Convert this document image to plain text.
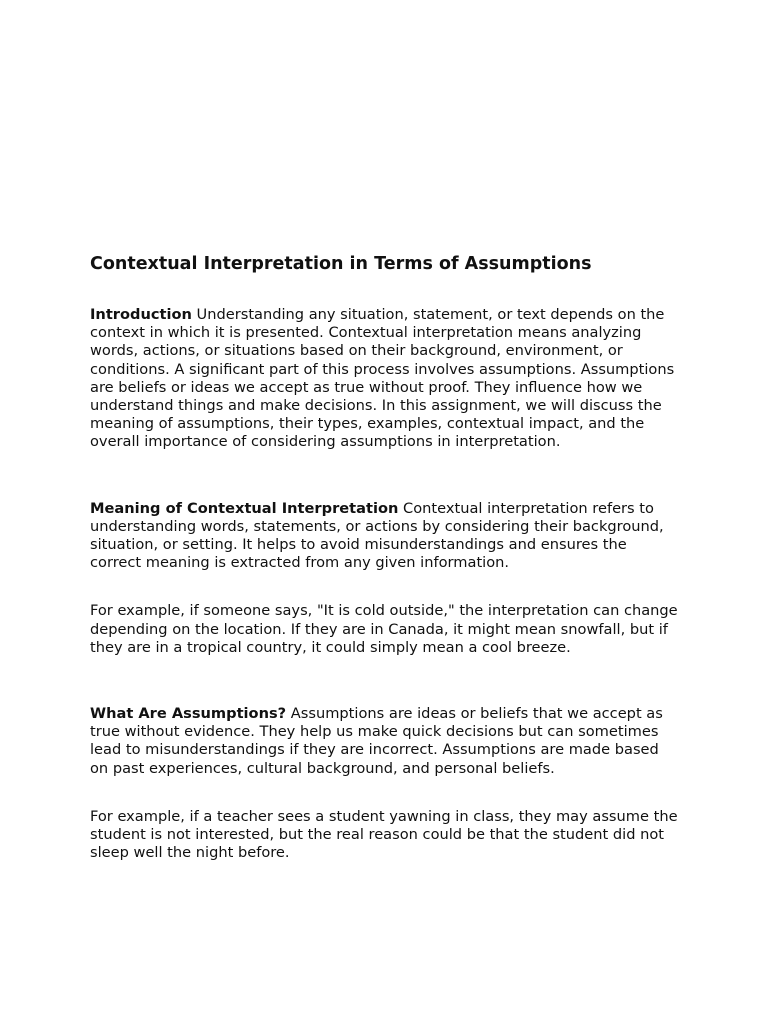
Contextual Interpretation in Terms of Assumptions

Introduction Understanding any situation, statement, or text depends on the context in which it is presented. Contextual interpretation means analyzing words, actions, or situations based on their background, environment, or conditions. A significant part of this process involves assumptions. Assumptions are beliefs or ideas we accept as true without proof. They influence how we understand things and make decisions. In this assignment, we will discuss the meaning of assumptions, their types, examples, contextual impact, and the overall importance of considering assumptions in interpretation.

Meaning of Contextual Interpretation Contextual interpretation refers to understanding words, statements, or actions by considering their background, situation, or setting. It helps to avoid misunderstandings and ensures the correct meaning is extracted from any given information.

For example, if someone says, "It is cold outside," the interpretation can change depending on the location. If they are in Canada, it might mean snowfall, but if they are in a tropical country, it could simply mean a cool breeze.

What Are Assumptions? Assumptions are ideas or beliefs that we accept as true without evidence. They help us make quick decisions but can sometimes lead to misunderstandings if they are incorrect. Assumptions are made based on past experiences, cultural background, and personal beliefs.

For example, if a teacher sees a student yawning in class, they may assume the student is not interested, but the real reason could be that the student did not sleep well the night before.
